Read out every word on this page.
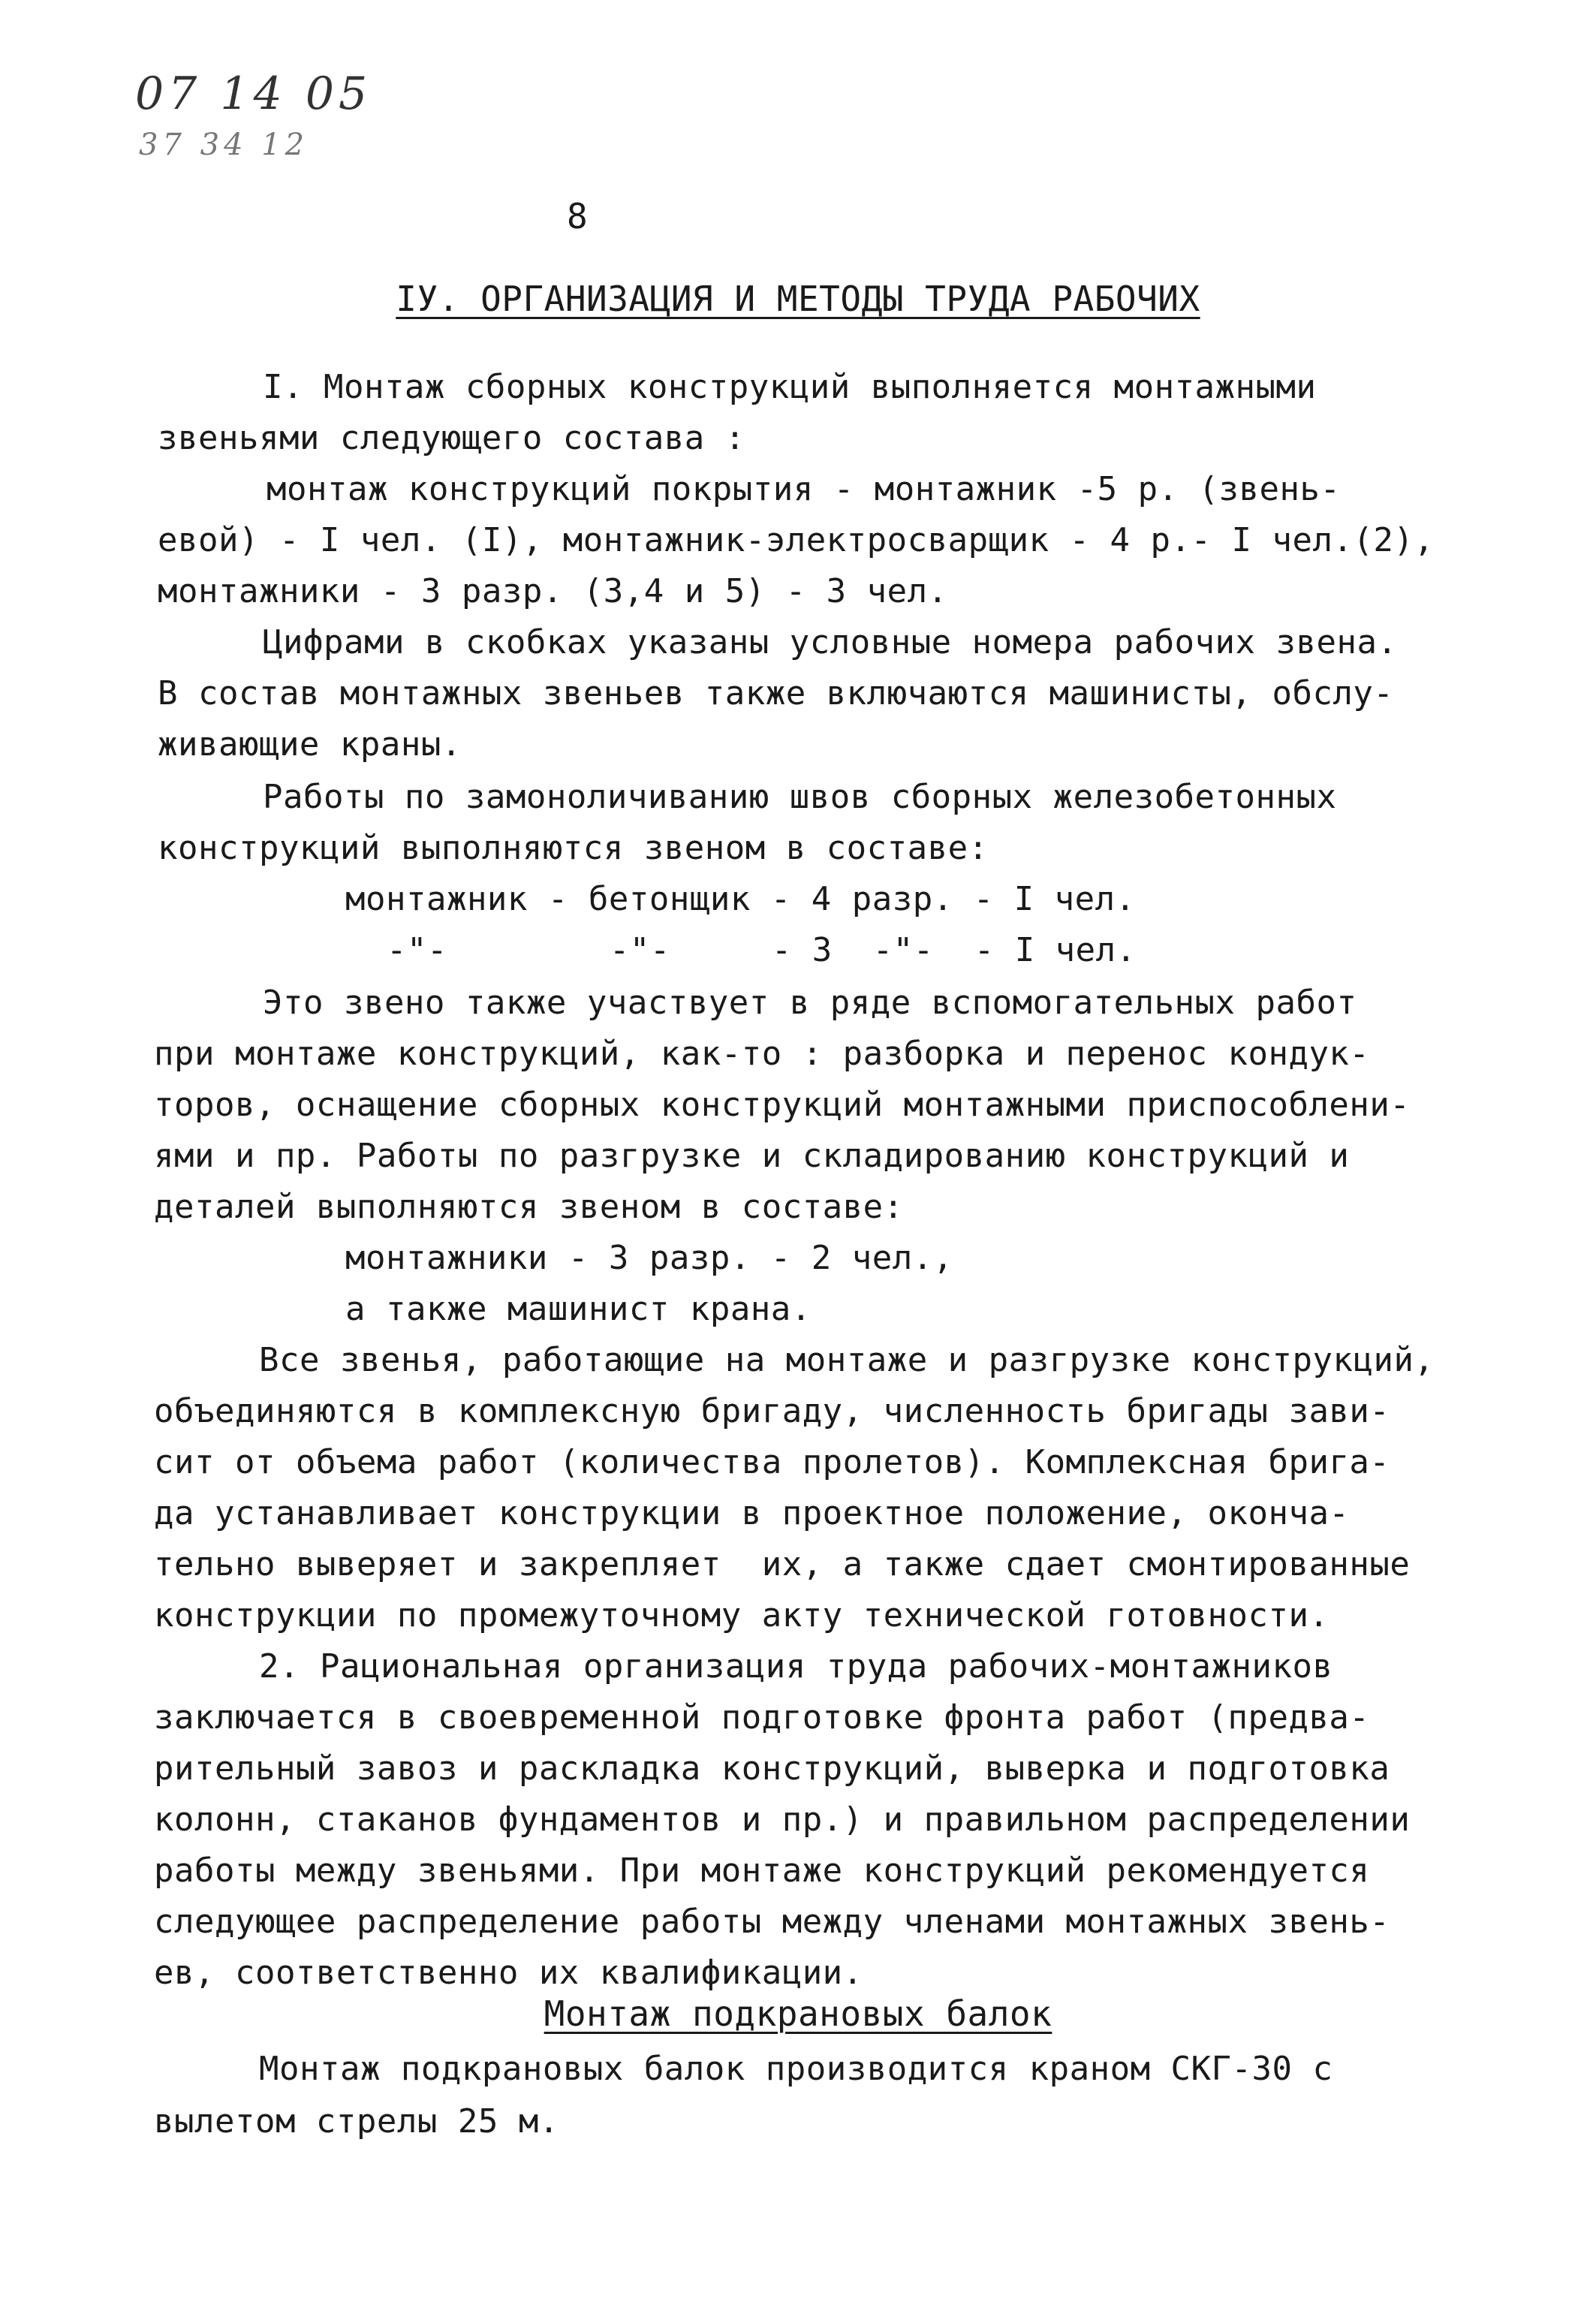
07 14 05
37 34 12
8
IУ. ОРГАНИЗАЦИЯ И МЕТОДЫ ТРУДА РАБОЧИХ
I. Монтаж сборных конструкций выполняется монтажными
звеньями следующего состава :
монтаж конструкций покрытия - монтажник -5 р. (звень-
евой) - I чел. (I), монтажник-электросварщик - 4 р.- I чел.(2),
монтажники - 3 разр. (3,4 и 5) - 3 чел.
Цифрами в скобках указаны условные номера рабочих звена.
В состав монтажных звеньев также включаются машинисты, обслу-
живающие краны.
Работы по замоноличиванию швов сборных железобетонных
конструкций выполняются звеном в составе:
монтажник - бетонщик - 4 разр. - I чел.
-"-        -"-     - 3  -"-  - I чел.
Это звено также участвует в ряде вспомогательных работ
при монтаже конструкций, как-то : разборка и перенос кондук-
торов, оснащение сборных конструкций монтажными приспособлени-
ями и пр. Работы по разгрузке и складированию конструкций и
деталей выполняются звеном в составе:
монтажники - 3 разр. - 2 чел.,
а также машинист крана.
Все звенья, работающие на монтаже и разгрузке конструкций,
объединяются в комплексную бригаду, численность бригады зави-
сит от объема работ (количества пролетов). Комплексная брига-
да устанавливает конструкции в проектное положение, оконча-
тельно выверяет и закрепляет  их, а также сдает смонтированные
конструкции по промежуточному акту технической готовности.
2. Рациональная организация труда рабочих-монтажников
заключается в своевременной подготовке фронта работ (предва-
рительный завоз и раскладка конструкций, выверка и подготовка
колонн, стаканов фундаментов и пр.) и правильном распределении
работы между звеньями. При монтаже конструкций рекомендуется
следующее распределение работы между членами монтажных звень-
ев, соответственно их квалификации.
Монтаж подкрановых балок
Монтаж подкрановых балок производится краном СКГ-30 с
вылетом стрелы 25 м.
